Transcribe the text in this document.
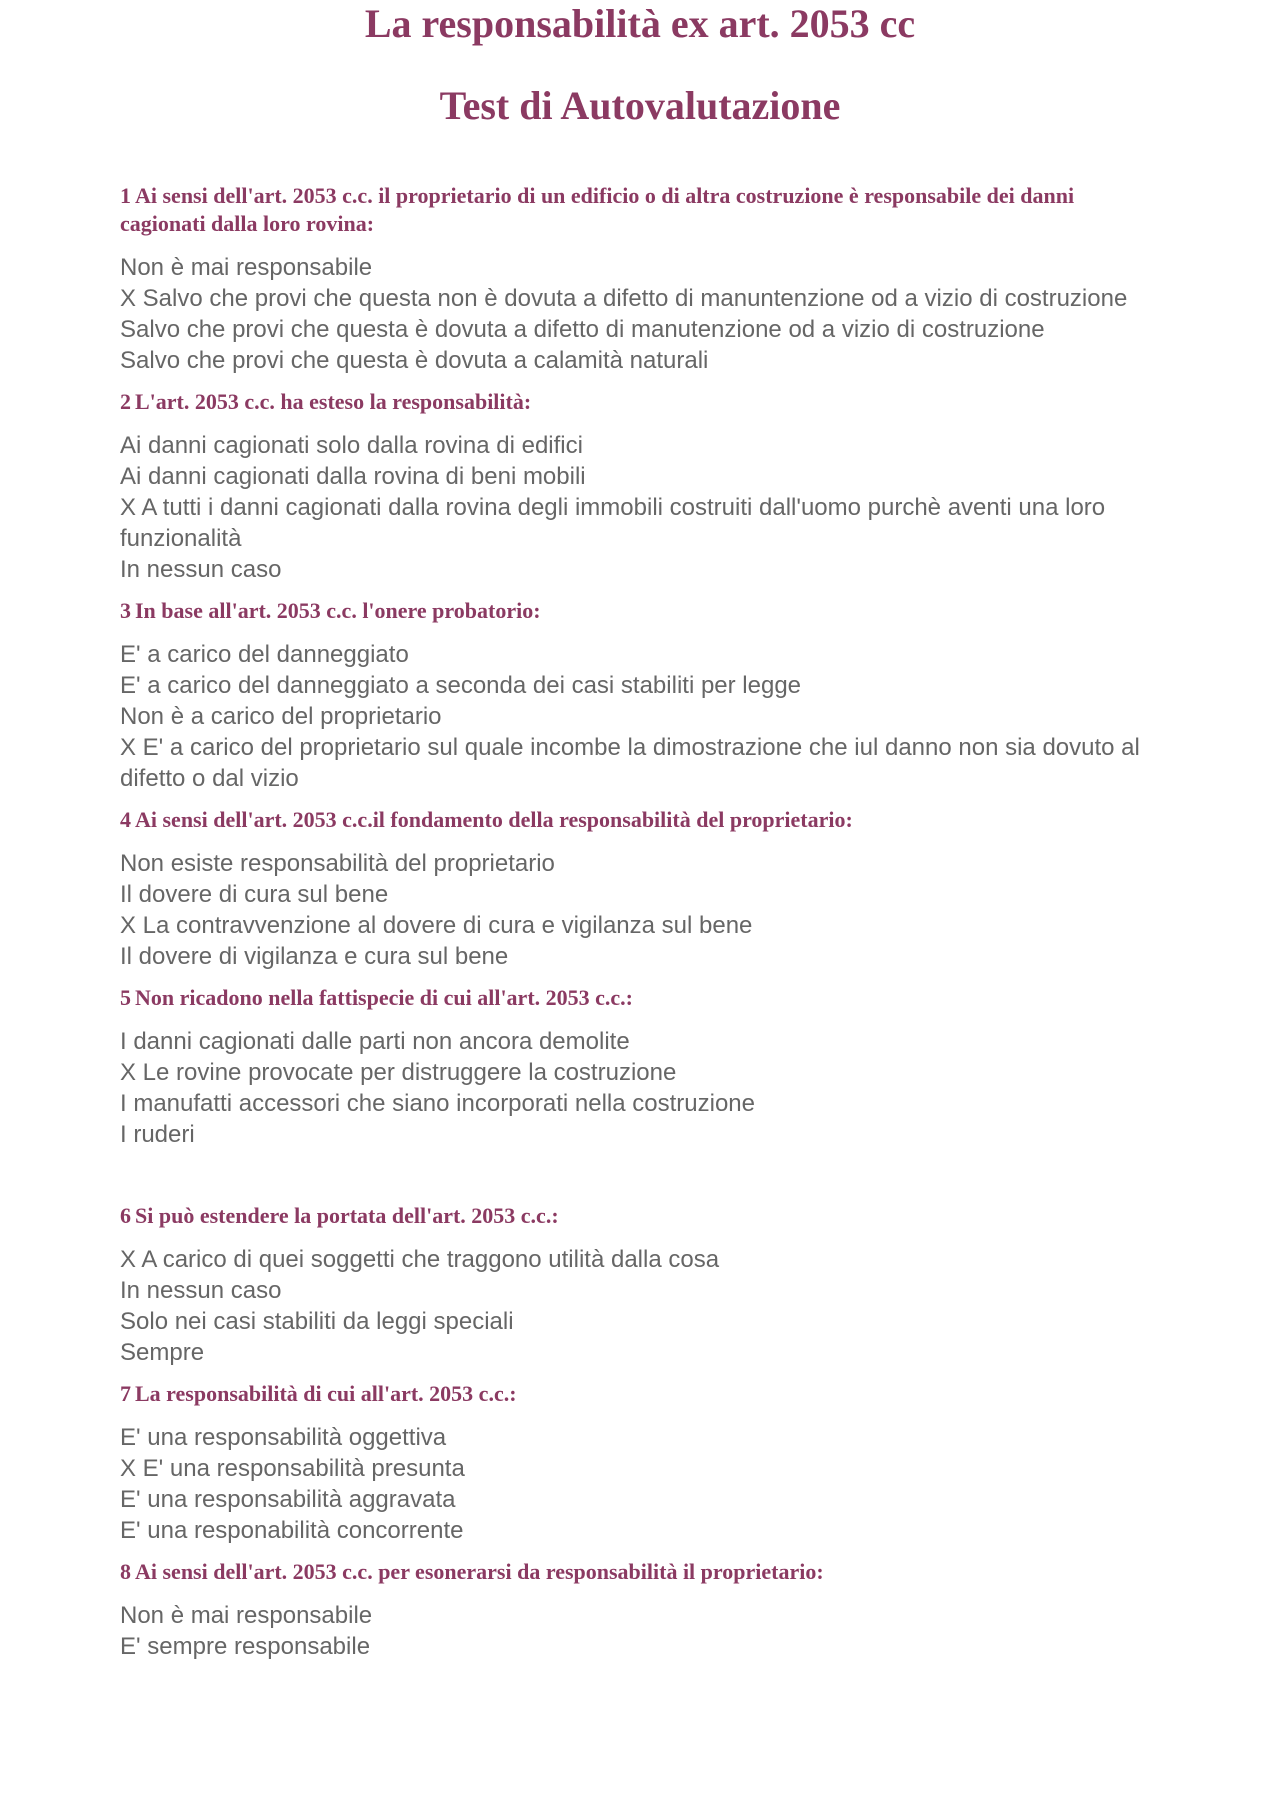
La responsabilità ex art. 2053 cc
Test di Autovalutazione

1 Ai sensi dell'art. 2053 c.c. il proprietario di un edificio o di altra costruzione è responsabile dei danni cagionati dalla loro rovina:

Non è mai responsabile
X Salvo che provi che questa non è dovuta a difetto di manuntenzione od a vizio di costruzione
Salvo che provi che questa è dovuta a difetto di manutenzione od a vizio di costruzione
Salvo che provi che questa è dovuta a calamità naturali

2 L'art. 2053 c.c. ha esteso la responsabilità:

Ai danni cagionati solo dalla rovina di edifici
Ai danni cagionati dalla rovina di beni mobili
X A tutti i danni cagionati dalla rovina degli immobili costruiti dall'uomo purchè aventi una loro funzionalità
In nessun caso

3 In base all'art. 2053 c.c. l'onere probatorio:

E' a carico del danneggiato
E' a carico del danneggiato a seconda dei casi stabiliti per legge
Non è a carico del proprietario
X E' a carico del proprietario sul quale incombe la dimostrazione che iul danno non sia dovuto al difetto o dal vizio

4 Ai sensi dell'art. 2053 c.c.il fondamento della responsabilità del proprietario:

Non esiste responsabilità del proprietario
Il dovere di cura sul bene
X La contravvenzione al dovere di cura e vigilanza sul bene
Il dovere di vigilanza e cura sul bene

5 Non ricadono nella fattispecie di cui all'art. 2053 c.c.:

I danni cagionati dalle parti non ancora demolite
X Le rovine provocate per distruggere la costruzione
I manufatti accessori che siano incorporati nella costruzione
I ruderi

6 Si può estendere la portata dell'art. 2053 c.c.:

X A carico di quei soggetti che traggono utilità dalla cosa
In nessun caso
Solo nei casi stabiliti da leggi speciali
Sempre

7 La responsabilità di cui all'art. 2053 c.c.:

E' una responsabilità oggettiva
X E' una responsabilità presunta
E' una responsabilità aggravata
E' una responabilità concorrente

8 Ai sensi dell'art. 2053 c.c. per esonerarsi da responsabilità il proprietario:

Non è mai responsabile
E' sempre responsabile
